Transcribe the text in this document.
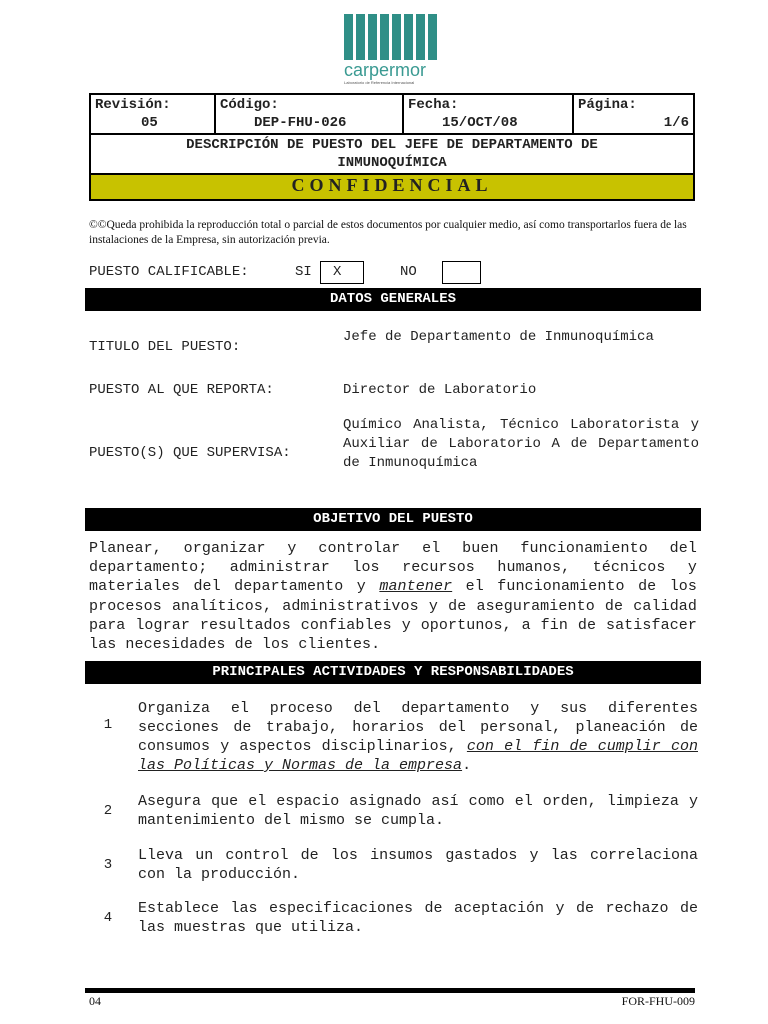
carpermor
Laboratorio de Referencia Internacional
Revisión:
05

Código:
DEP-FHU-026

Fecha:
15/OCT/08

Página:
1/6

DESCRIPCIÓN DE PUESTO DEL JEFE DE DEPARTAMENTO DE
INMUNOQUÍMICA

CONFIDENCIAL
©©Queda prohibida la reproducción total o parcial de estos documentos por cualquier medio, así como transportarlos fuera de las instalaciones de la Empresa, sin autorización previa.
PUESTO CALIFICABLE:	SI X	NO
DATOS GENERALES
TITULO DEL PUESTO:
Jefe de Departamento de Inmunoquímica
PUESTO AL QUE REPORTA:	Director de Laboratorio
PUESTO(S) QUE SUPERVISA:
Químico Analista, Técnico Laboratorista y Auxiliar de Laboratorio A de Departamento de Inmunoquímica
OBJETIVO DEL PUESTO
Planear, organizar y controlar el buen funcionamiento del departamento; administrar los recursos humanos, técnicos y materiales del departamento y mantener el funcionamiento de los procesos analíticos, administrativos y de aseguramiento de calidad para lograr resultados confiables y oportunos, a fin de satisfacer las necesidades de los clientes.
PRINCIPALES ACTIVIDADES Y RESPONSABILIDADES
1
Organiza el proceso del departamento y sus diferentes secciones de trabajo, horarios del personal, planeación de consumos y aspectos disciplinarios, con el fin de cumplir con las Políticas y Normas de la empresa.
2
Asegura que el espacio asignado así como el orden, limpieza y mantenimiento del mismo se cumpla.
3
Lleva un control de los insumos gastados y las correlaciona con la producción.
4
Establece las especificaciones de aceptación y de rechazo de las muestras que utiliza.
04	FOR-FHU-009
